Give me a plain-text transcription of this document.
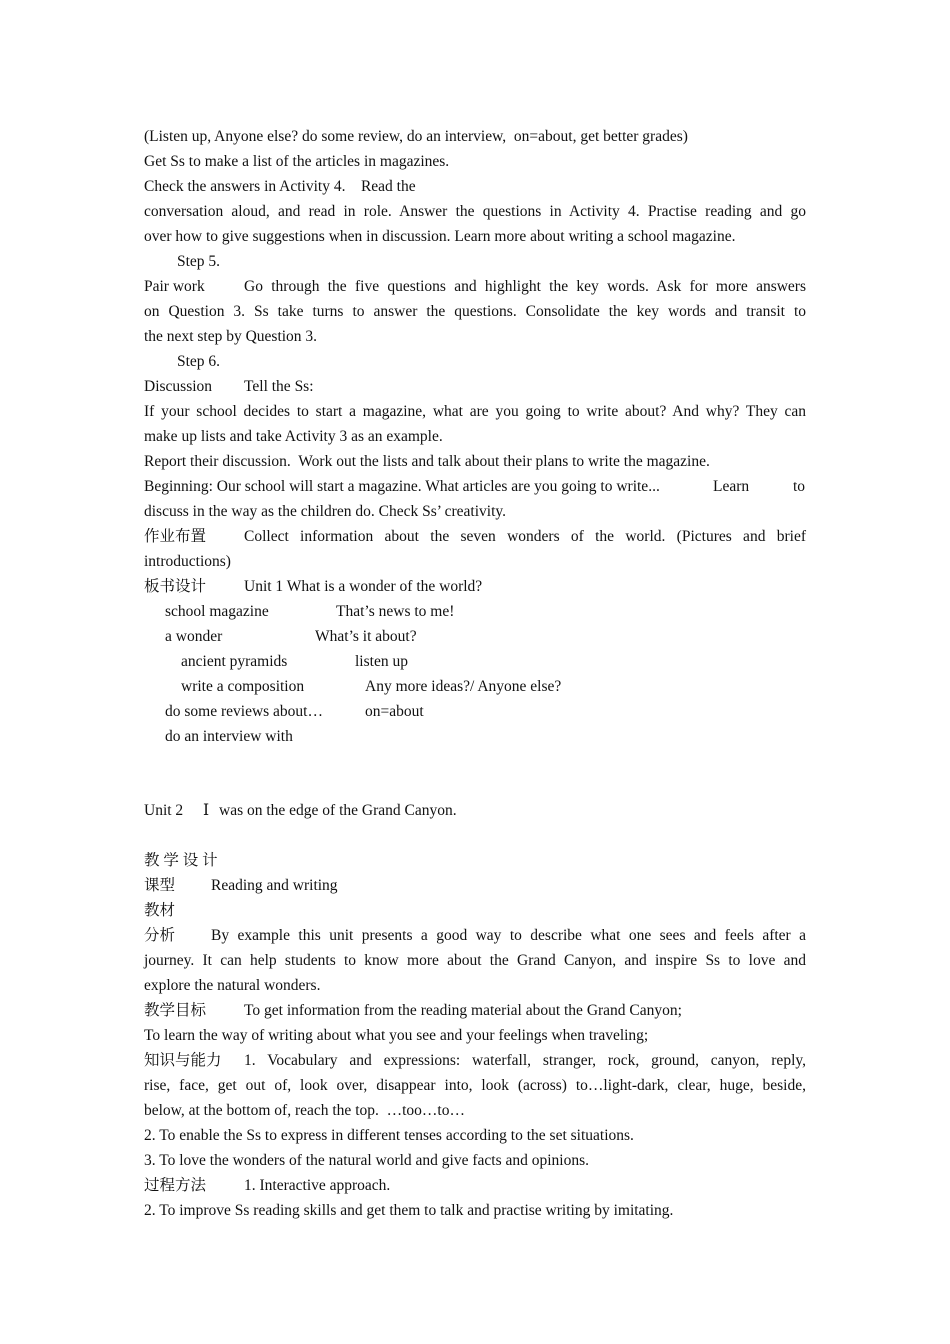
(Listen up, Anyone else? do some review, do an interview,  on=about, get better grades)
Get Ss to make a list of the articles in magazines.
Check the answers in Activity 4.    Read the
conversation aloud, and read in role. Answer the questions in Activity 4. Practise reading and go
over how to give suggestions when in discussion. Learn more about writing a school magazine.
Step 5.
Pair work	Go through the five questions and highlight the key words. Ask for more answers
on Question 3. Ss take turns to answer the questions. Consolidate the key words and transit to
the next step by Question 3.
Step 6.
Discussion Tell the Ss:
If your school decides to start a magazine, what are you going to write about? And why? They can
make up lists and take Activity 3 as an example.
Report their discussion.  Work out the lists and talk about their plans to write the magazine.
Beginning: Our school will start a magazine. What articles are you going to write...	Learn	to
discuss in the way as the children do. Check Ss’ creativity.
作业布置 Collect information about the seven wonders of the world. (Pictures and brief
introductions)
板书设计 Unit 1 What is a wonder of the world?
school magazine	That’s news to me!
a wonder	What’s it about?
ancient pyramids	listen up
write a composition	Any more ideas?/ Anyone else?
do some reviews about…	on=about
do an interview with
Unit 2 Ⅰ was on the edge of the Grand Canyon.
教 学 设 计
课型 Reading and writing
教材
分析 By example this unit presents a good way to describe what one sees and feels after a
journey. It can help students to know more about the Grand Canyon, and inspire Ss to love and
explore the natural wonders.
教学目标 To get information from the reading material about the Grand Canyon;
To learn the way of writing about what you see and your feelings when traveling;
知识与能力 1. Vocabulary and expressions: waterfall, stranger, rock, ground, canyon, reply,
rise, face, get out of, look over, disappear into, look (across) to…light-dark, clear, huge, beside,
below, at the bottom of, reach the top.  …too…to…
2. To enable the Ss to express in different tenses according to the set situations.
3. To love the wonders of the natural world and give facts and opinions.
过程方法 1. Interactive approach.
2. To improve Ss reading skills and get them to talk and practise writing by imitating.
